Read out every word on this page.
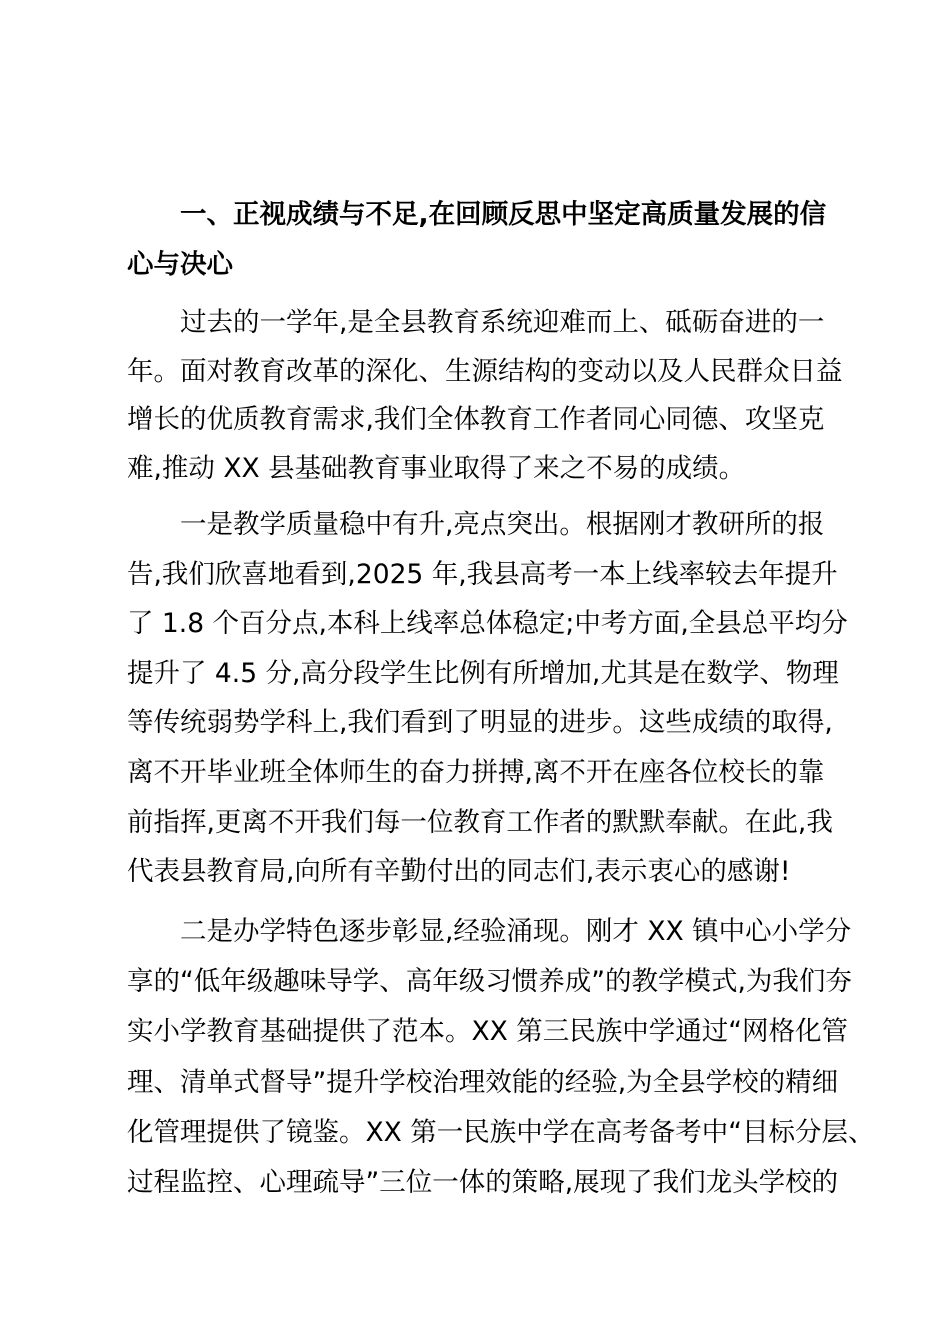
一、正视成绩与不足,在回顾反思中坚定高质量发展的信
心与决心
过去的一学年,是全县教育系统迎难而上、砥砺奋进的一
年。面对教育改革的深化、生源结构的变动以及人民群众日益
增长的优质教育需求,我们全体教育工作者同心同德、攻坚克
难,推动 XX 县基础教育事业取得了来之不易的成绩。
一是教学质量稳中有升,亮点突出。根据刚才教研所的报
告,我们欣喜地看到,2025 年,我县高考一本上线率较去年提升
了 1.8 个百分点,本科上线率总体稳定;中考方面,全县总平均分
提升了 4.5 分,高分段学生比例有所增加,尤其是在数学、物理
等传统弱势学科上,我们看到了明显的进步。这些成绩的取得,
离不开毕业班全体师生的奋力拼搏,离不开在座各位校长的靠
前指挥,更离不开我们每一位教育工作者的默默奉献。在此,我
代表县教育局,向所有辛勤付出的同志们,表示衷心的感谢!
二是办学特色逐步彰显,经验涌现。刚才 XX 镇中心小学分
享的“低年级趣味导学、高年级习惯养成”的教学模式,为我们夯
实小学教育基础提供了范本。XX 第三民族中学通过“网格化管
理、清单式督导”提升学校治理效能的经验,为全县学校的精细
化管理提供了镜鉴。XX 第一民族中学在高考备考中“目标分层、
过程监控、心理疏导”三位一体的策略,展现了我们龙头学校的
